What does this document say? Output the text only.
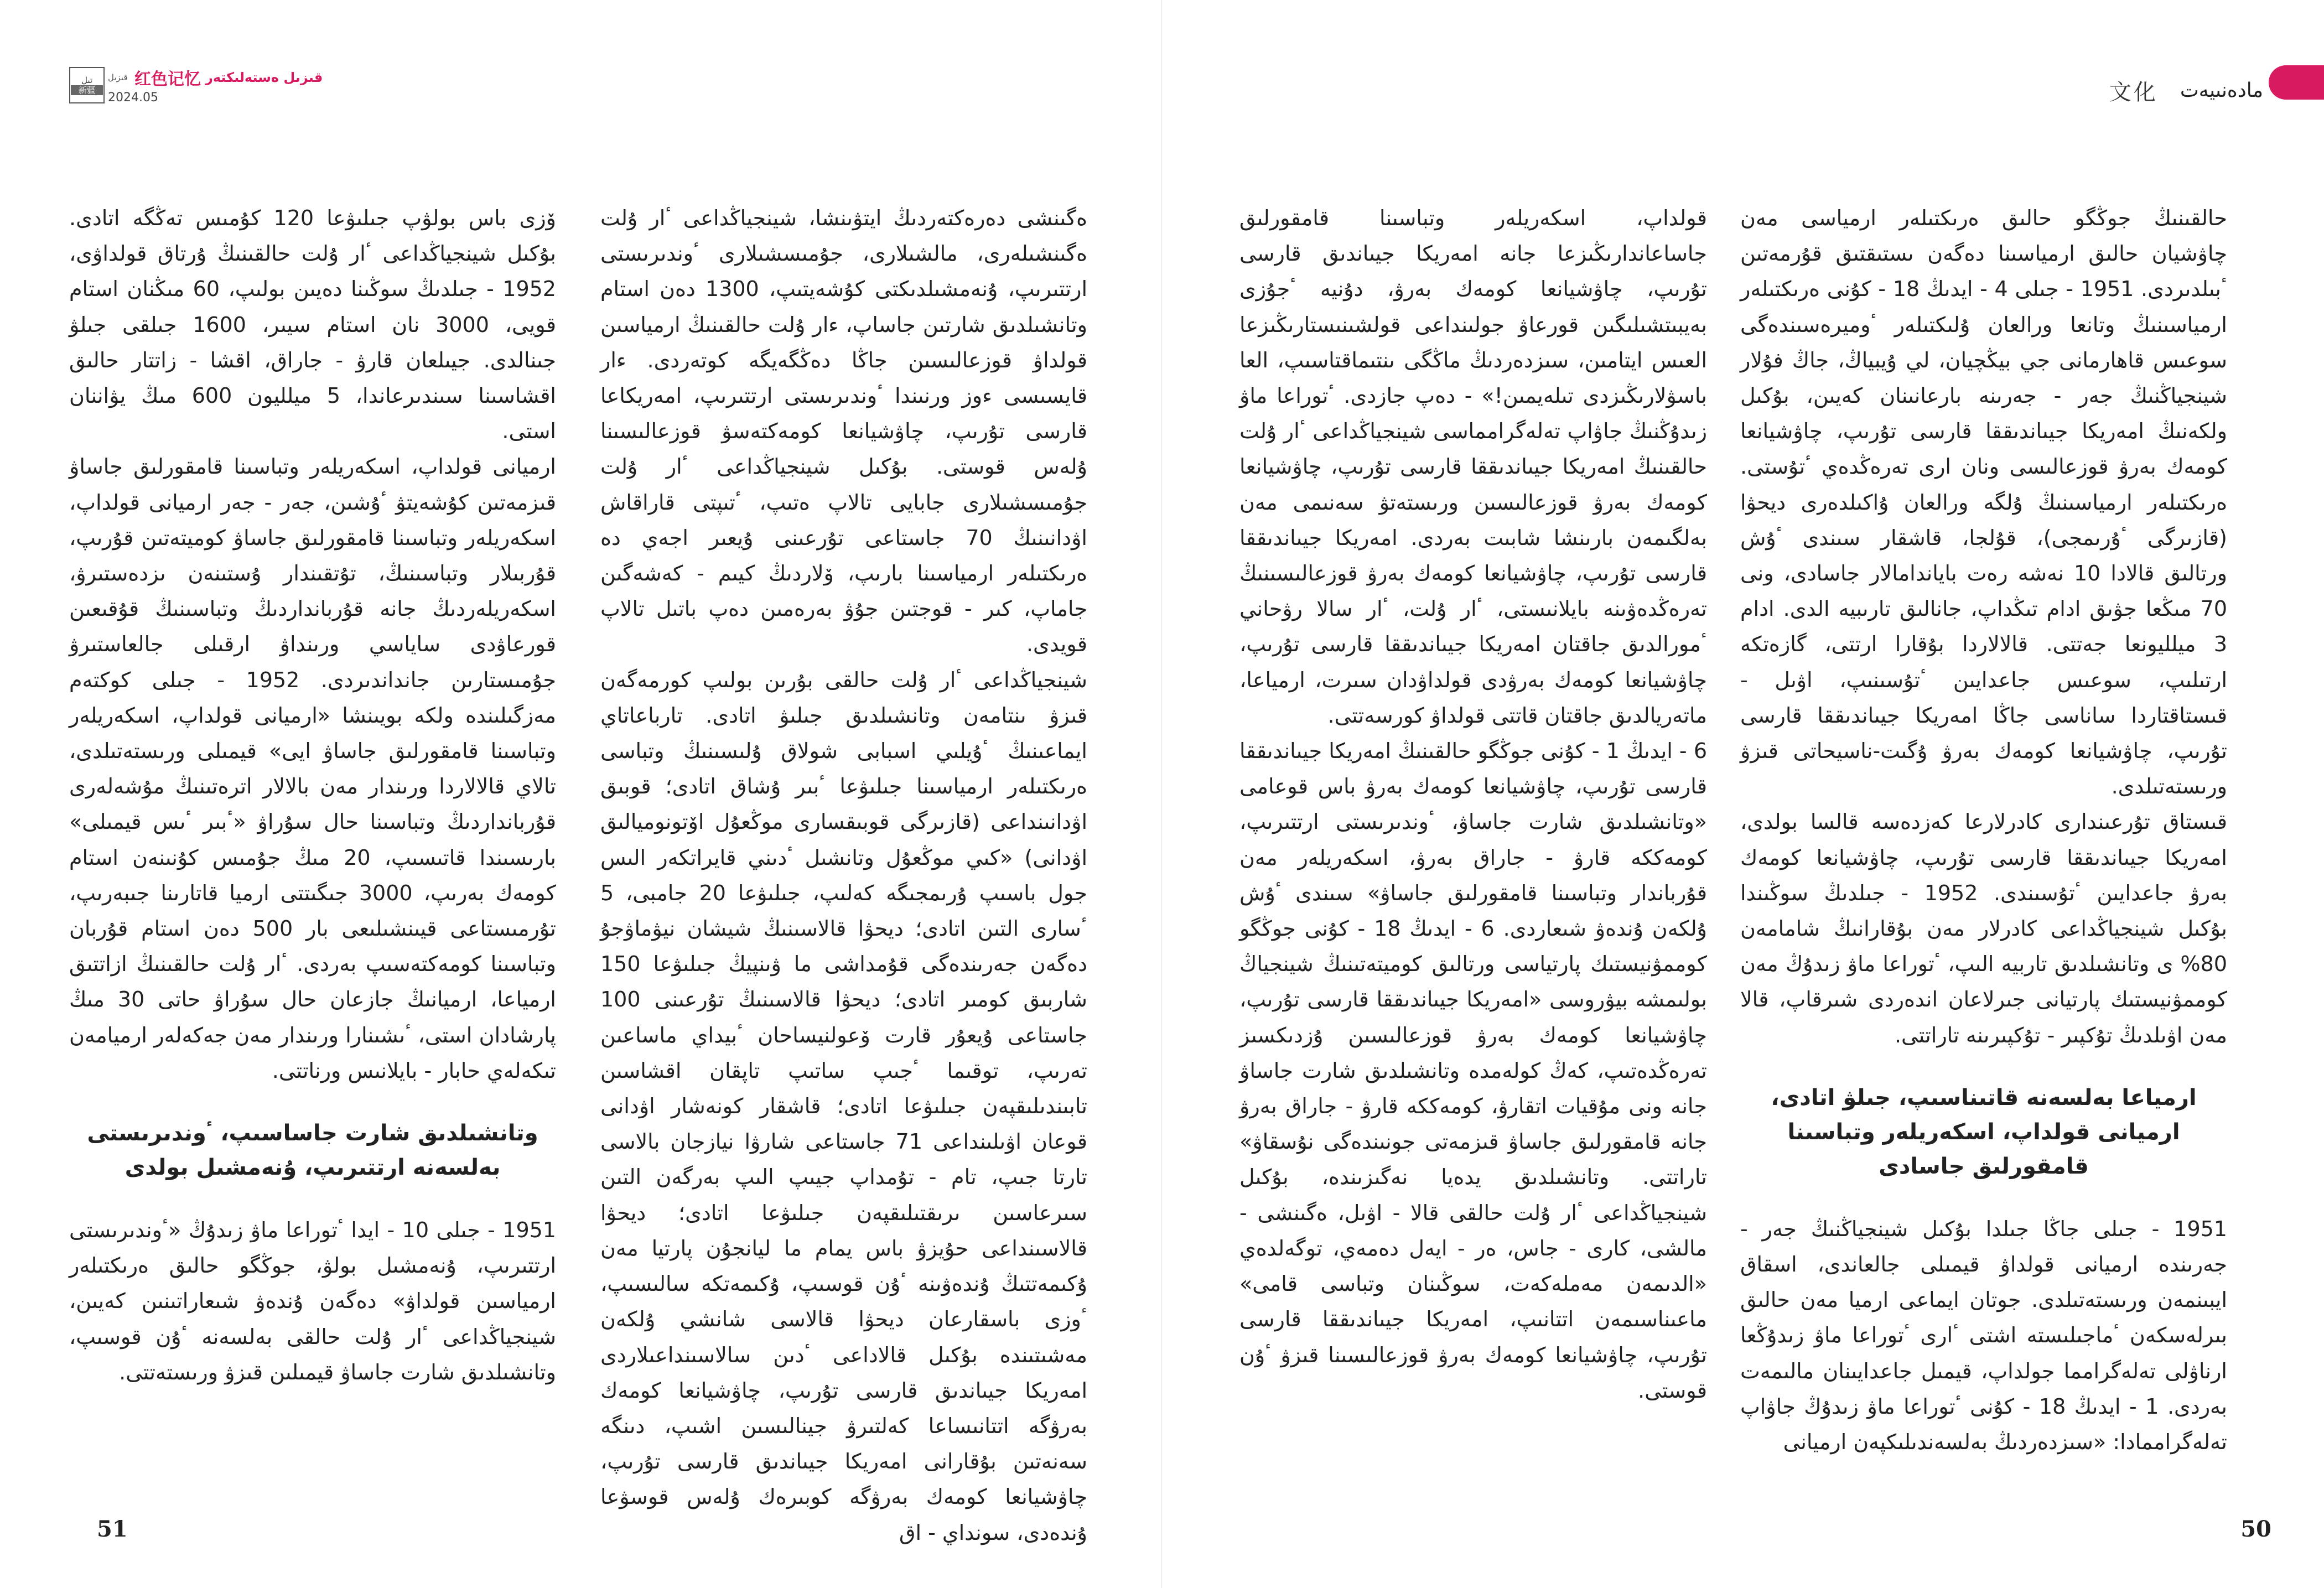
تىل
新疆
قىزىل 红色记忆 قىزىل ەستەلىكتەر
2024.05

ەگىنشى دەرەكتەردىڭ ايتۋىنشا، شينجياڭداعى ٴار ۇلت ەگىنشىلەرى، مالشىلارى، جۇمىسشىلارى ٴوندىرىستى ارتتىرىپ، ۇنەمشىلدىكتى كۇشەيتىپ، 1300 دەن استام وتانشىلدىق شارتىن جاساپ، ءار ۇلت حالقىنىڭ ارمياسىن قولداۋ قوزعالىسىن جاڭا دەڭگەيگە كوتەردى. ءار قايسىسى ءوز ورنىندا ٴوندىرىستى ارتتىرىپ، امەريكاعا قارسى تۇرىپ، چاۋشيانعا كومەكتەسۋ قوزعالىسىنا ۇلەس قوستى. بۇكىل شينجياڭداعى ٴار ۇلت جۇمىسشىلارى جابايى تالاپ ەتىپ، ٴتىپتى قاراقاش اۋدانىنىڭ 70 جاستاعى تۇرعىنى ۇيعىر اجەي دە ەرىكتىلەر ارمياسىنا بارىپ، ۆلاردىڭ كيىم - كەشەگىن جاماپ، كىر - قوجتىن جۇۋ بەرەمىن دەپ باتىل تالاپ قويدى.

شينجياڭداعى ٴار ۇلت حالقى بۇرىن بولىپ كورمەگەن قىزۋ ىنتامەن وتانشىلدىق جىلىۋ اتادى. تارباعاتاي ايماعىنىڭ ٴۇيلىي اسبابى شولاق ۇلىسىنىڭ وتباسى ەرىكتىلەر ارمياسىنا جىلىۋعا ٴبىر ۇشاق اتادى؛ قوبىق اۋدانىنداعى (قازىرگى قوبىقسارى موڭعۇل اۆتونوميالىق اۋدانى) «كىي موڭعۇل وتانشىل ٴدىني قايراتكەر الىس جول باسىپ ۇرىمجىگە كەلىپ، جىلىۋعا 20 جامبى، 5 ٴسارى التىن اتادى؛ ديحۋا قالاسىنىڭ شيشان نيۋماۋجۇ دەگەن جەرىندەگى قۇمداشى ما ۋىنپيڭ جىلىۋعا 150 شاربىق كومىر اتادى؛ ديحۋا قالاسىنىڭ تۇرعىنى 100 جاستاعى ۇيعۇر قارت ۆعولنيساحان ٴبيداي ماساعىن تەرىپ، توقىما ٴجىپ ساتىپ تاپقان اقشاسىن تابىندىلىقپەن جىلىۋعا اتادى؛ قاشقار كونەشار اۋدانى قوعان اۋىلىنداعى 71 جاستاعى شارۋا نيازجان بالاسى تارتا جىپ، تام - تۇمداپ جيىپ الىپ بەرگەن التىن سىرعاسىن ىرىقتىلىقپەن جىلىۋعا اتادى؛ ديحۋا قالاسىنداعى حۇيزۋ باس يمام ما ليانجۇن پارتيا مەن ۇكىمەتتىڭ ۇندەۋىنە ٴۇن قوسىپ، ۇكىمەتكە سالىسىپ، ٴوزى باسقارعان ديحۋا قالاسى شانشي ۇلكەن مەشىتىندە بۇكىل قالاداعى ٴدىن سالاسىنداعىلاردى امەريكا جيىاندىق قارسى تۇرىپ، چاۋشيانعا كومەك بەرۋگە اتتانىساعا كەلتىرۋ جينالىسىن اشىپ، دىنگە سەنەتىن بۇقارانى امەريكا جيىاندىق قارسى تۇرىپ، چاۋشيانعا كومەك بەرۋگە كوبىرەك ۇلەس قوسۋعا ۇندەدى، سونداي - اق

ۆزى باس بولۋپ جىلىۋعا 120 كۇمىس تەڭگە اتادى. بۇكىل شينجياڭداعى ٴار ۇلت حالقىنىڭ ۇرتاق قولداۋى، 1952 - جىلدىڭ سوڭىنا دەيىن بولىپ، 60 مىڭنان استام قويى، 3000 نان استام سيىر، 1600 جىلقى جىلۋ جىنالدى. جيىلعان قارۋ - جاراق، اقشا - زاتتار حالىق اقشاسىنا سىندىرعاندا، 5 ميلليون 600 مىڭ يۋاننان استى.

ارميانى قولداپ، اسكەريلەر وتباسىنا قامقورلىق جاساۋ قىزمەتىن كۇشەيتۋ ٴۇشىن، جەر - جەر ارميانى قولداپ، اسكەريلەر وتباسىنا قامقورلىق جاساۋ كوميتەتىن قۇرىپ، قۇربىلار وتباسىنىڭ، تۇتقىندار ۇستىنەن ىزدەستىرۋ، اسكەريلەردىڭ جانە قۇربانداردىڭ وتباسىنىڭ قۇقىعىن قورعاۋدى ساياسي ورىنداۋ ارقىلى جالعاستىرۋ جۇمىستارىن جانداندىردى. 1952 - جىلى كوكتەم مەزگىلىندە ولكە بويىنشا «ارميانى قولداپ، اسكەريلەر وتباسىنا قامقورلىق جاساۋ ايى» قيمىلى ورىستەتىلدى، تالاي قالالاردا ورىندار مەن بالالار اترەتىنىڭ مۇشەلەرى قۇربانداردىڭ وتباسىنا حال سۇراۋ «ٴبىر ٴىس قيمىلى» بارىسىندا قاتىسىپ، 20 مىڭ جۇمىس كۇنىنەن استام كومەك بەرىپ، 3000 جىگىتتى ارميا قاتارىنا جىبەرىپ، تۇرمىستاعى قيىنشىلىعى بار 500 دەن استام قۇربان وتباسىنا كومەكتەسىپ بەردى. ٴار ۇلت حالقىنىڭ ازاتتىق ارمياعا، ارميانىڭ جازعان حال سۇراۋ حاتى 30 مىڭ پارشادان استى، ٴىشىنارا ورىندار مەن جەكەلەر ارميامەن تىكەلەي حابار - بايلانىس ورناتتى.

وتانشىلدىق شارت جاساسىپ، ٴوندىرىستى بەلسەنە ارتتىرىپ، ۇنەمشىل بولدى

1951 - جىلى 10 - ايدا ٴتوراعا ماۋ زىدۇڭ «ٴوندىرىستى ارتتىرىپ، ۇنەمشىل بولۋ، جوڭگو حالىق ەرىكتىلەر ارمياسىن قولداۋ» دەگەن ۇندەۋ شىعاراتىنىن كەيىن، شينجياڭداعى ٴار ۇلت حالقى بەلسەنە ٴۇن قوسىپ، وتانشىلدىق شارت جاساۋ قيمىلىن قىزۋ ورىستەتتى.

51
文化 مادەنىيەت

حالقىنىڭ جوڭگو حالىق ەرىكتىلەر ارمياسى مەن چاۋشيان حالىق ارمياسىنا دەگەن ىستىقتىق قۇرمەتىن ٴبىلدىردى. 1951 - جىلى 4 - ايدىڭ 18 - كۇنى ەرىكتىلەر ارمياسىنىڭ وتانعا ورالعان ۇلىكتىلەر ٴوميرەسىندەگى سوعىس قاھارمانى جي بيڭچيان، لي ۇيبياڭ، جاڭ فۇلار شينجياڭنىڭ جەر - جەرىنە بارعانىنان كەيىن، بۇكىل ولكەنىڭ امەريكا جيىاندىققا قارسى تۇرىپ، چاۋشيانعا كومەك بەرۋ قوزعالىسى ونان ارى تەرەڭدەي ٴتۇستى. ەرىكتىلەر ارمياسىنىڭ ۇلگە ورالعان ۇاكىلدەرى ديحۋا (قازىرگى ٴۇرىمجى)، قۇلجا، قاشقار سىندى ٴۇش ورتالىق قالادا 10 نەشە رەت باياندامالار جاسادى، ونى 70 مىڭعا جۋىق ادام تىڭداپ، جانالىق تارىبيە الدى. ادام 3 ميلليونعا جەتتى. قالالاردا بۇقارا ارتتى، گازەتكە ارتىلىپ، سوعىس جاعدايىن ٴتۇسىنىپ، اۋىل - قىستاقتاردا ساناسى جاڭا امەريكا جيىاندىققا قارسى تۇرىپ، چاۋشيانعا كومەك بەرۋ ۇگىت-ناسيحاتى قىزۋ ورىستەتىلدى.

قىستاق تۇرعىندارى كادرلارعا كەزدەسە قالسا بولدى، امەريكا جيىاندىققا قارسى تۇرىپ، چاۋشيانعا كومەك بەرۋ جاعدايىن ٴتۇسىندى. 1952 - جىلدىڭ سوڭىندا بۇكىل شينجياڭداعى كادرلار مەن بۇقارانىڭ شامامەن 80% ى وتانشىلدىق تاربيە الىپ، ٴتوراعا ماۋ زىدۇڭ مەن كوممۋنيستىك پارتيانى جىرلاعان اندەردى شىرقاپ، قالا مەن اۋىلدىڭ تۇكپىر - تۇكپىرىنە تاراتتى.

ارمياعا بەلسەنە قاتىناسىپ، جىلۋ اتادى، ارميانى قولداپ، اسكەريلەر وتباسىنا قامقورلىق جاسادى

1951 - جىلى جاڭا جىلدا بۇكىل شينجياڭنىڭ جەر - جەرىندە ارميانى قولداۋ قيمىلى جالعاندى، اسقاق ايبىنمەن ورىستەتىلدى. جوتان ايماعى ارميا مەن حالىق بىرلەسكەن ٴماجىلىستە اشتى ٴارى ٴتوراعا ماۋ زىدۇڭعا ارناۋلى تەلەگرامما جولداپ، قيمىل جاعدايىنان مالىمەت بەردى. 1 - ايدىڭ 18 - كۇنى ٴتوراعا ماۋ زىدۇڭ جاۋاپ تەلەگراممادا: «سىزدەردىڭ بەلسەندىلىكپەن ارميانى

قولداپ، اسكەريلەر وتباسىنا قامقورلىق جاساعاندارىڭىزعا جانە امەريكا جيىاندىق قارسى تۇرىپ، چاۋشيانعا كومەك بەرۋ، دۇنيە ٴجۇزى بەيبىتشىلىگىن قورعاۋ جولىنداعى قولشىنىستارىڭىزعا العىس ايتامىن، سىزدەردىڭ ماڭگى ىنتىماقتاسىپ، العا باسۋلارىڭىزدى تىلەيمىن!» - دەپ جازدى. ٴتوراعا ماۋ زىدۇڭنىڭ جاۋاپ تەلەگرامماسى شينجياڭداعى ٴار ۇلت حالقىنىڭ امەريكا جيىاندىققا قارسى تۇرىپ، چاۋشيانعا كومەك بەرۋ قوزعالىسىن ورىستەتۋ سەنىمى مەن بەلگىمەن بارىنشا شابىت بەردى. امەريكا جيىاندىققا قارسى تۇرىپ، چاۋشيانعا كومەك بەرۋ قوزعالىسىنىڭ تەرەڭدەۋىنە بايلانىستى، ٴار ۇلت، ٴار سالا رۋحاني ٴمورالدىق جاقتان امەريكا جيىاندىققا قارسى تۇرىپ، چاۋشيانعا كومەك بەرۋدى قولداۋدان سىرت، ارمياعا، ماتەريالدىق جاقتان قاتتى قولداۋ كورسەتتى.

6 - ايدىڭ 1 - كۇنى جوڭگو حالقىنىڭ امەريكا جيىاندىققا قارسى تۇرىپ، چاۋشيانعا كومەك بەرۋ باس قوعامى «وتانشىلدىق شارت جاساۋ، ٴوندىرىستى ارتتىرىپ، كومەككە قارۋ - جاراق بەرۋ، اسكەريلەر مەن قۇرباندار وتباسىنا قامقورلىق جاساۋ» سىندى ٴۇش ۇلكەن ۇندەۋ شىعاردى. 6 - ايدىڭ 18 - كۇنى جوڭگو كوممۋنيستىك پارتياسى ورتالىق كوميتەتىنىڭ شينجياڭ بولىمشە بيۋروسى «امەريكا جيىاندىققا قارسى تۇرىپ، چاۋشيانعا كومەك بەرۋ قوزعالىسىن ۇزدىكسىز تەرەڭدەتىپ، كەڭ كولەمدە وتانشىلدىق شارت جاساۋ جانە ونى مۇقيات اتقارۋ، كومەككە قارۋ - جاراق بەرۋ جانە قامقورلىق جاساۋ قىزمەتى جونىندەگى نۇسقاۋ» تاراتتى. وتانشىلدىق يدەيا نەگىزىندە، بۇكىل شينجياڭداعى ٴار ۇلت حالقى قالا - اۋىل، ەگىنشى - مالشى، كارى - جاس، ەر - ايەل دەمەي، توگەلدەي «الدىمەن مەملەكەت، سوڭىنان وتباسى قامى» ماعىناسىمەن اتتانىپ، امەريكا جيىاندىققا قارسى تۇرىپ، چاۋشيانعا كومەك بەرۋ قوزعالىسىنا قىزۋ ٴۇن قوستى.

50
